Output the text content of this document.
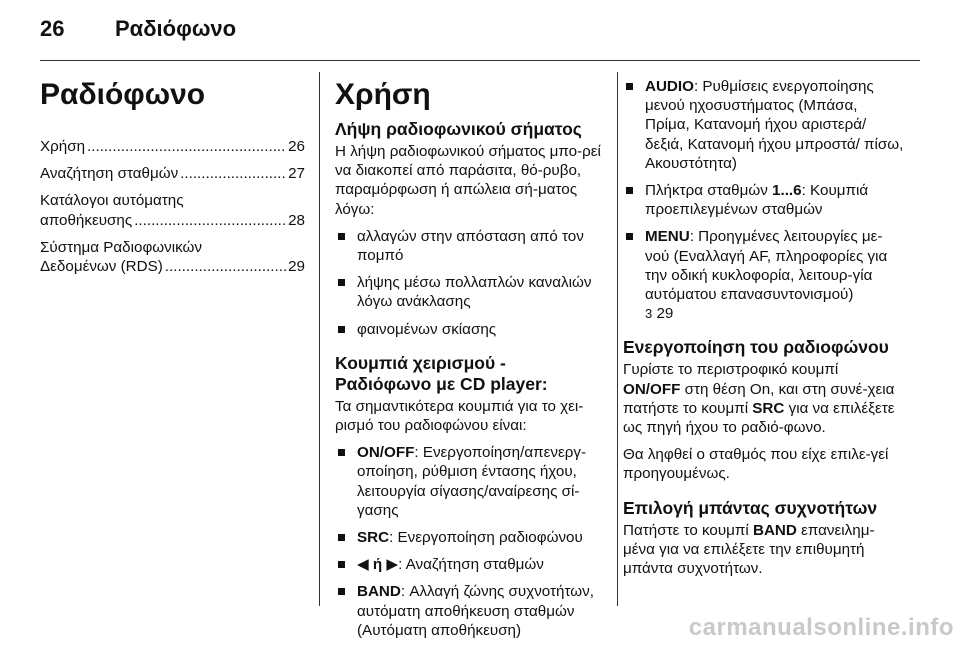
26 Ραδιόφωνο
Ραδιόφωνο
Χρήση .....	26
Αναζήτηση σταθμών .....	27
Κατάλογοι αυτόματης
αποθήκευσης .....	28
Σύστημα Ραδιοφωνικών
Δεδομένων (RDS) .....	29
Χρήση
Λήψη ραδιοφωνικού σήματος

Η λήψη ραδιοφωνικού σήματος μπο-ρεί να διακοπεί από παράσιτα, θό-ρυβο, παραμόρφωση ή απώλεια σή-ματος λόγω:

αλλαγών στην απόσταση από τον πομπό
λήψης μέσω πολλαπλών καναλιών λόγω ανάκλασης
φαινομένων σκίασης
Κουμπιά χειρισμού - Ραδιόφωνο με CD player:

Τα σημαντικότερα κουμπιά για το χει-ρισμό του ραδιοφώνου είναι:

ON/OFF: Ενεργοποίηση/απενεργ-οποίηση, ρύθμιση έντασης ήχου, λειτουργία σίγασης/αναίρεσης σί-γασης
SRC: Ενεργοποίηση ραδιοφώνου
◀ ή ▶: Αναζήτηση σταθμών
BAND: Αλλαγή ζώνης συχνοτήτων, αυτόματη αποθήκευση σταθμών (Αυτόματη αποθήκευση)
AUDIO: Ρυθμίσεις ενεργοποίησης μενού ηχοσυστήματος (Μπάσα, Πρίμα, Κατανομή ήχου αριστερά/ δεξιά, Κατανομή ήχου μπροστά/ πίσω, Ακουστότητα)
Πλήκτρα σταθμών 1...6: Κουμπιά προεπιλεγμένων σταθμών
MENU: Προηγμένες λειτουργίες με-νού (Εναλλαγή AF, πληροφορίες για την οδική κυκλοφορία, λειτουρ-γία αυτόματου επανασυντονισμού)
3 29
Ενεργοποίηση του ραδιοφώνου

Γυρίστε το περιστροφικό κουμπί
ON/OFF στη θέση On, και στη συνέ-χεια πατήστε το κουμπί SRC για να επιλέξετε ως πηγή ήχου το ραδιό-φωνο.

Θα ληφθεί ο σταθμός που είχε επιλε-γεί προηγουμένως.

Επιλογή μπάντας συχνοτήτων

Πατήστε το κουμπί BAND επανειλημ-μένα για να επιλέξετε την επιθυμητή μπάντα συχνοτήτων.

carmanualsonline.info
